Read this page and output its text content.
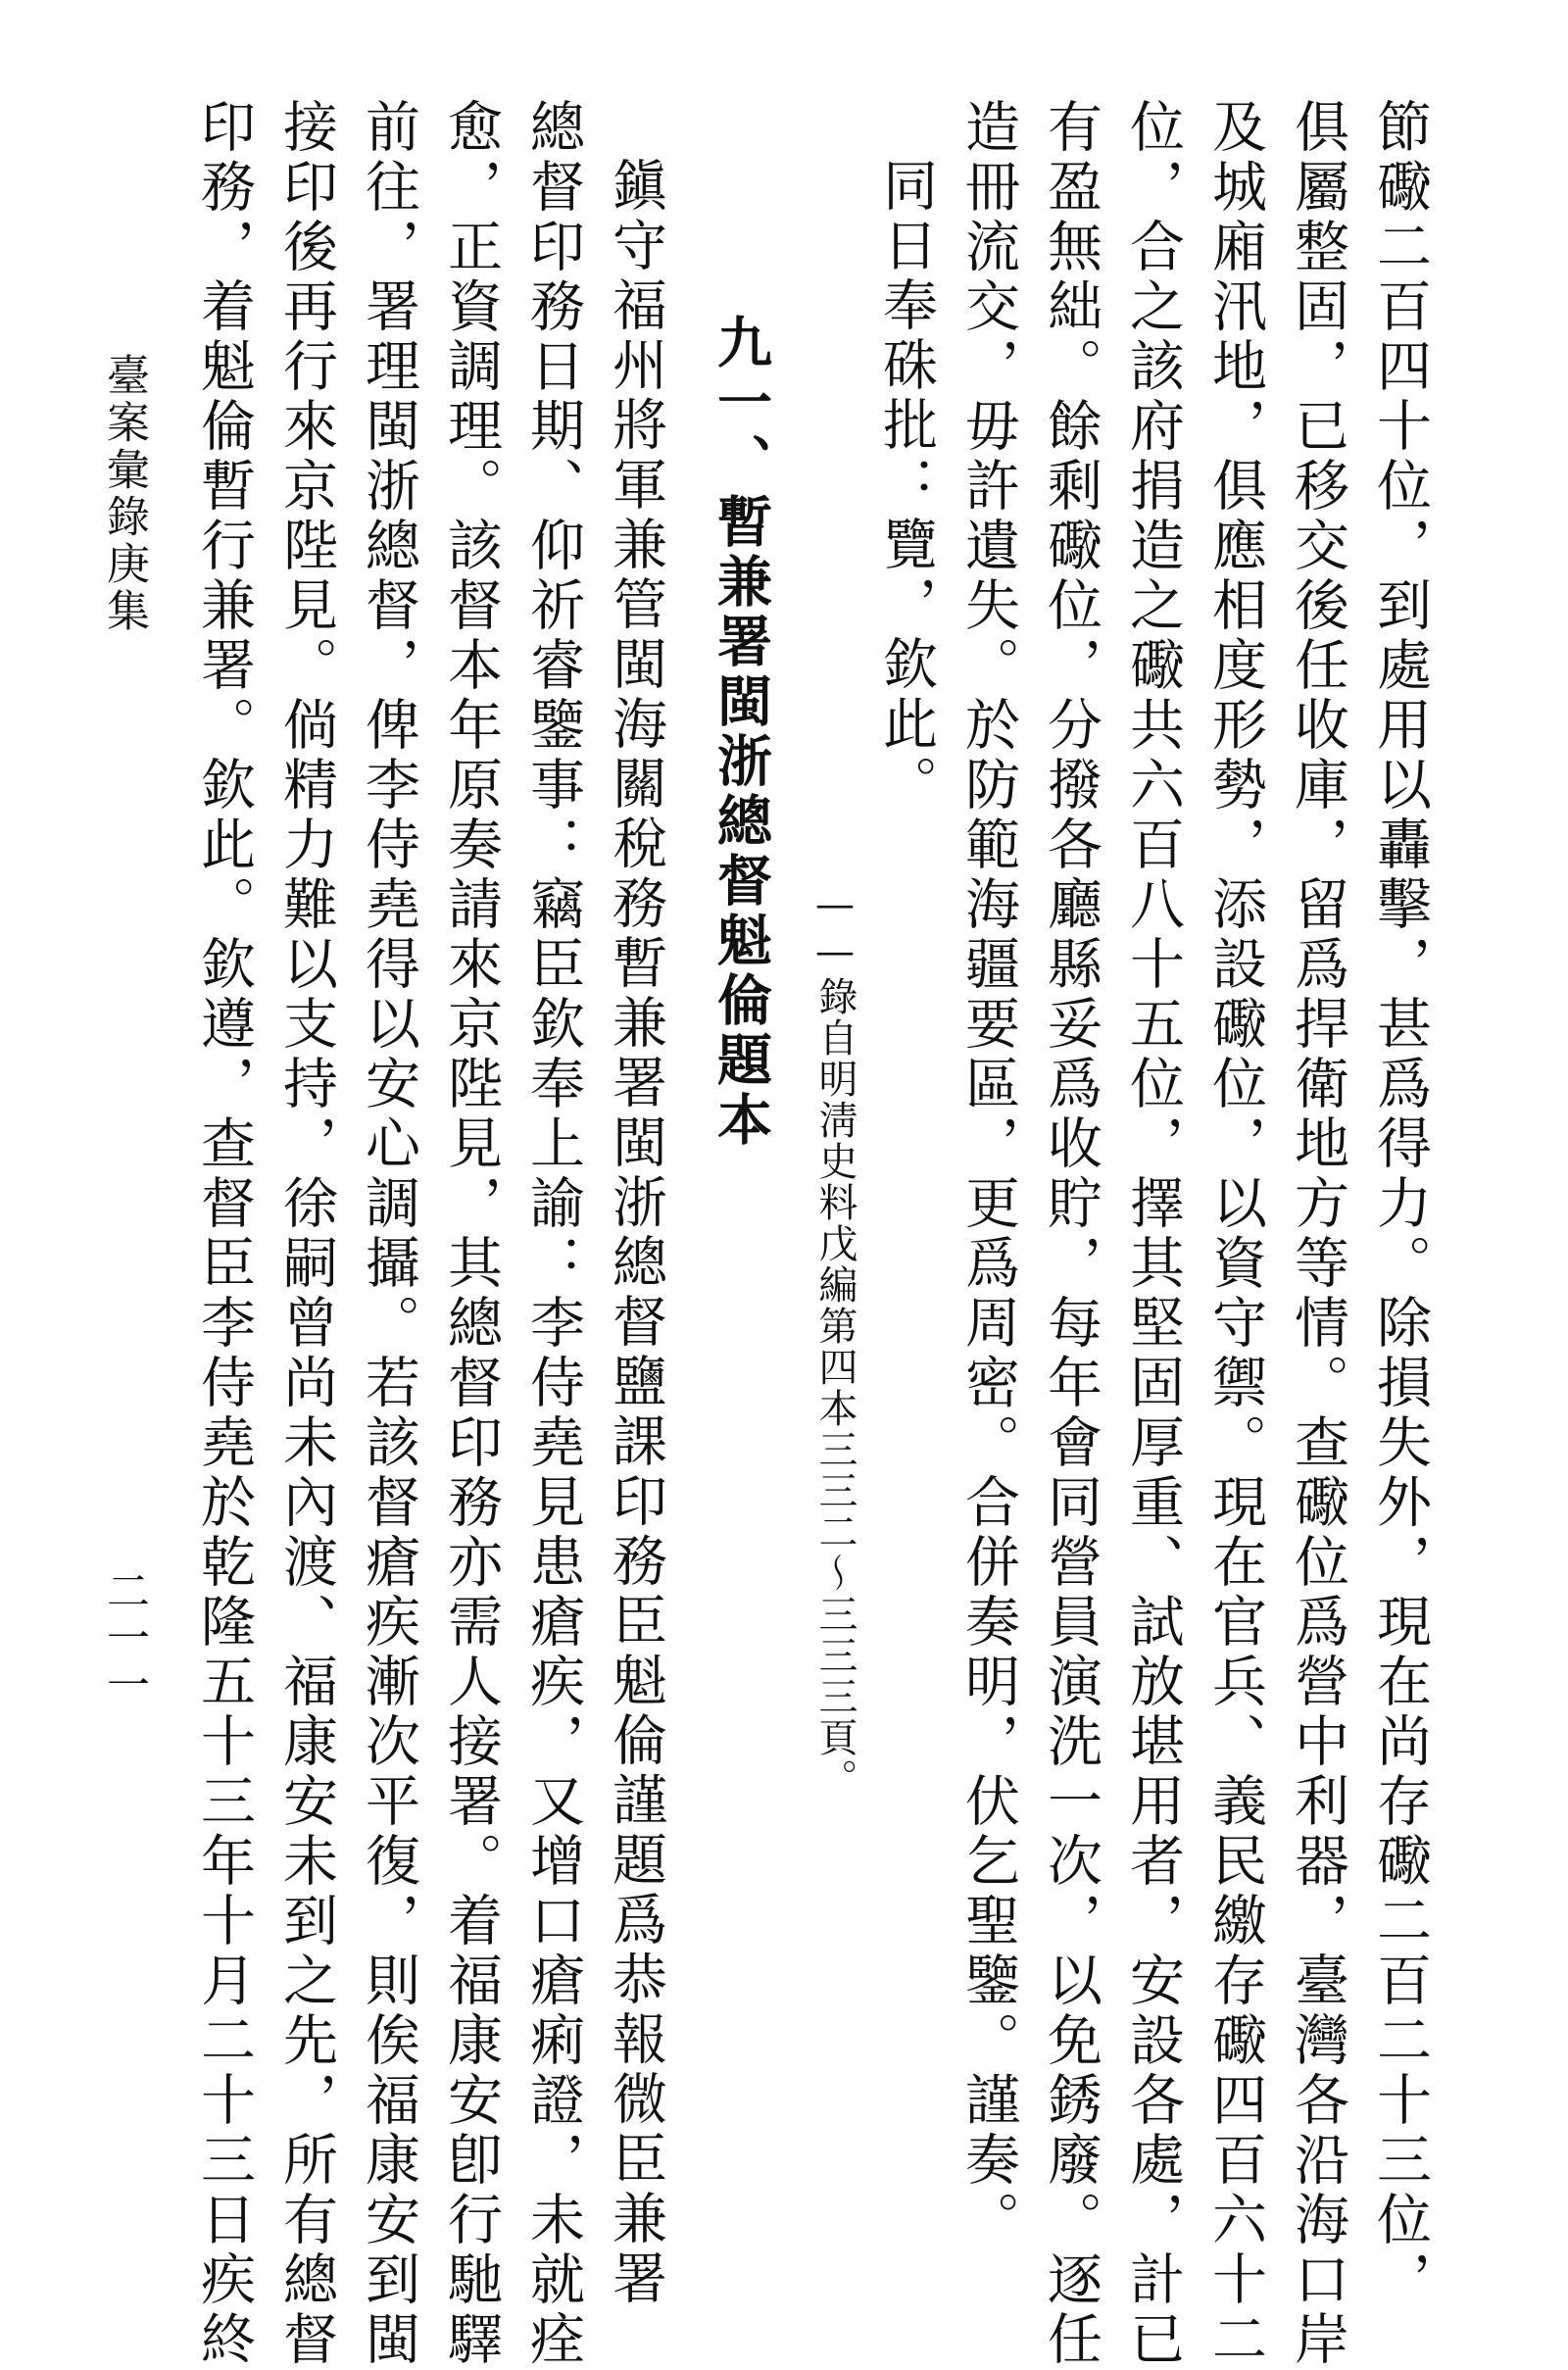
節礮二百四十位，到處用以轟擊，甚爲得力。除損失外，現在尚存礮二百二十三位，
俱屬整固，已移交後任收庫，留爲捍衛地方等情。查礮位爲營中利器，臺灣各沿海口岸
及城廂汛地，俱應相度形勢，添設礮位，以資守禦。現在官兵、義民繳存礮四百六十二
位，合之該府捐造之礮共六百八十五位，擇其堅固厚重、試放堪用者，安設各處，計已
有盈無絀。餘剩礮位，分撥各廳縣妥爲收貯，每年會同營員演洗一次，以免銹廢。逐任
造冊流交，毋許遺失。於防範海疆要區，更爲周密。合併奏明，伏乞聖鑒。謹奏。
同日奉硃批：覽，欽此。
——錄自明淸史料戊編第四本三三二～三三三頁。
九一、暫兼署閩浙總督魁倫題本
鎭守福州將軍兼管閩海關稅務暫兼署閩浙總督鹽課印務臣魁倫謹題爲恭報微臣兼署
總督印務日期、仰祈睿鑒事：竊臣欽奉上諭：李侍堯見患瘡疾，又增口瘡痢證，未就痊
愈，正資調理。該督本年原奏請來京陛見，其總督印務亦需人接署。着福康安卽行馳驛
前往，署理閩浙總督，俾李侍堯得以安心調攝。若該督瘡疾漸次平復，則俟福康安到閩
接印後再行來京陛見。倘精力難以支持，徐嗣曾尚未內渡、福康安未到之先，所有總督
印務，着魁倫暫行兼署。欽此。欽遵，查督臣李侍堯於乾隆五十三年十月二十三日疾終
臺案彙錄庚集
二一一
